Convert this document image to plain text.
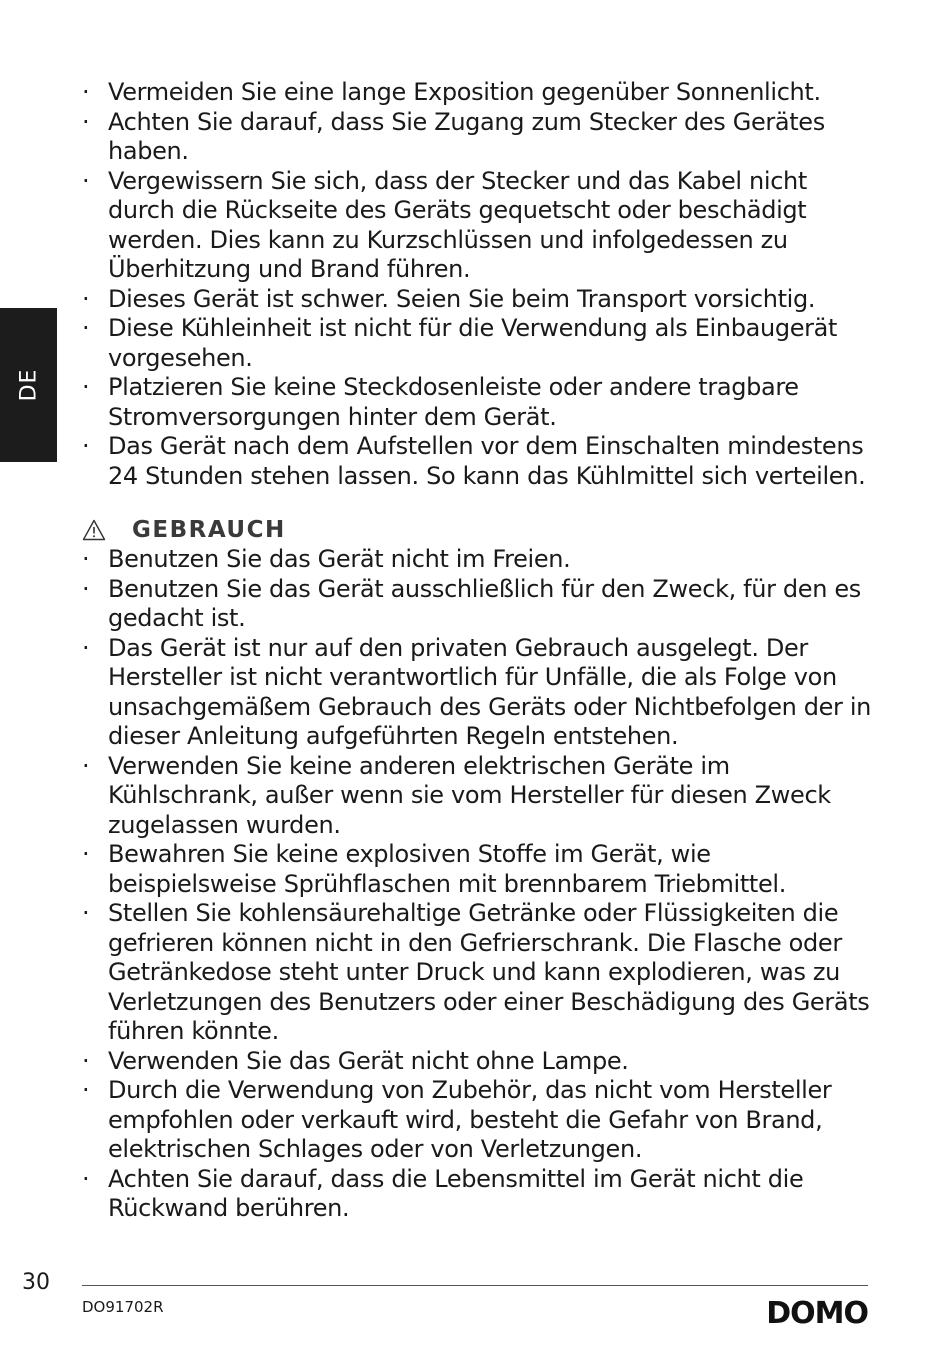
DE
· Vermeiden Sie eine lange Exposition gegenüber Sonnenlicht.
· Achten Sie darauf, dass Sie Zugang zum Stecker des Gerätes haben.
· Vergewissern Sie sich, dass der Stecker und das Kabel nicht durch die Rückseite des Geräts gequetscht oder beschädigt werden. Dies kann zu Kurzschlüssen und infolgedessen zu Überhitzung und Brand führen.
· Dieses Gerät ist schwer. Seien Sie beim Transport vorsichtig.
· Diese Kühleinheit ist nicht für die Verwendung als Einbaugerät vorgesehen.
· Platzieren Sie keine Steckdosenleiste oder andere tragbare Stromversorgungen hinter dem Gerät.
· Das Gerät nach dem Aufstellen vor dem Einschalten mindestens 24 Stunden stehen lassen. So kann das Kühlmittel sich verteilen.
GEBRAUCH
· Benutzen Sie das Gerät nicht im Freien.
· Benutzen Sie das Gerät ausschließlich für den Zweck, für den es gedacht ist.
· Das Gerät ist nur auf den privaten Gebrauch ausgelegt. Der Hersteller ist nicht verantwortlich für Unfälle, die als Folge von unsachgemäßem Gebrauch des Geräts oder Nichtbefolgen der in dieser Anleitung aufgeführten Regeln entstehen.
· Verwenden Sie keine anderen elektrischen Geräte im Kühlschrank, außer wenn sie vom Hersteller für diesen Zweck zugelassen wurden.
· Bewahren Sie keine explosiven Stoffe im Gerät, wie beispielsweise Sprühflaschen mit brennbarem Triebmittel.
· Stellen Sie kohlensäurehaltige Getränke oder Flüssigkeiten die gefrieren können nicht in den Gefrierschrank. Die Flasche oder Getränkedose steht unter Druck und kann explodieren, was zu Verletzungen des Benutzers oder einer Beschädigung des Geräts führen könnte.
· Verwenden Sie das Gerät nicht ohne Lampe.
· Durch die Verwendung von Zubehör, das nicht vom Hersteller empfohlen oder verkauft wird, besteht die Gefahr von Brand, elektrischen Schlages oder von Verletzungen.
· Achten Sie darauf, dass die Lebensmittel im Gerät nicht die Rückwand berühren.
30
DO91702R	DOMO
